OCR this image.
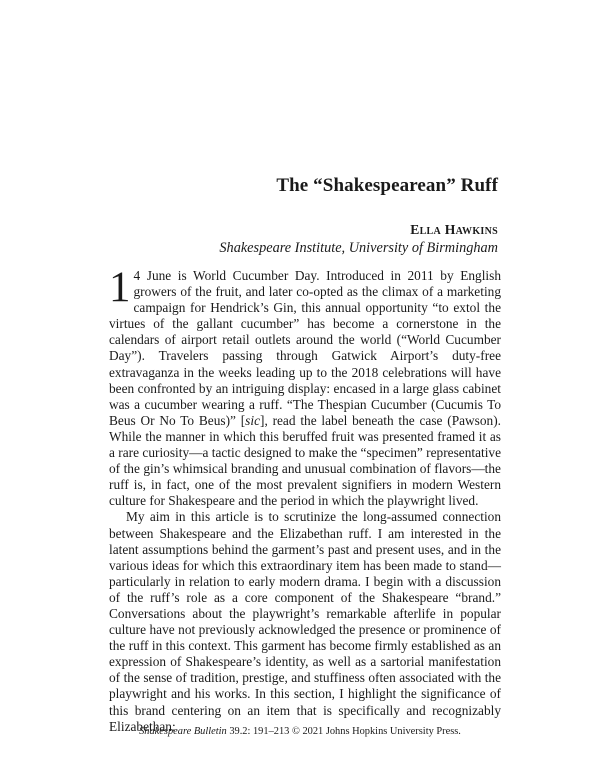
The “Shakespearean” Ruff
Ella Hawkins
Shakespeare Institute, University of Birmingham

1 4 June is World Cucumber Day. Introduced in 2011 by English growers of the fruit, and later co-opted as the climax of a marketing campaign for Hendrick’s Gin, this annual opportunity “to extol the virtues of the gallant cucumber” has become a cornerstone in the calendars of airport retail outlets around the world (“World Cucumber Day”). Travelers passing through Gatwick Airport’s duty-free extravaganza in the weeks leading up to the 2018 celebrations will have been confronted by an intriguing display: encased in a large glass cabinet was a cucumber wearing a ruff. “The Thespian Cucumber (Cucumis To Beus Or No To Beus)” [sic], read the label beneath the case (Pawson). While the manner in which this beruffed fruit was presented framed it as a rare curiosity—a tactic designed to make the “specimen” representative of the gin’s whimsical branding and unusual combination of flavors—the ruff is, in fact, one of the most prevalent signifiers in modern Western culture for Shakespeare and the period in which the playwright lived.

My aim in this article is to scrutinize the long-assumed connection between Shakespeare and the Elizabethan ruff. I am interested in the latent assumptions behind the garment’s past and present uses, and in the various ideas for which this extraordinary item has been made to stand—particularly in relation to early modern drama. I begin with a discussion of the ruff’s role as a core component of the Shakespeare “brand.” Conversations about the playwright’s remarkable afterlife in popular culture have not previously acknowledged the presence or prominence of the ruff in this context. This garment has become firmly established as an expression of Shakespeare’s identity, as well as a sartorial manifestation of the sense of tradition, prestige, and stuffiness often associated with the playwright and his works. In this section, I highlight the significance of this brand centering on an item that is specifically and recognizably Elizabethan:

Shakespeare Bulletin 39.2: 191–213 © 2021 Johns Hopkins University Press.
